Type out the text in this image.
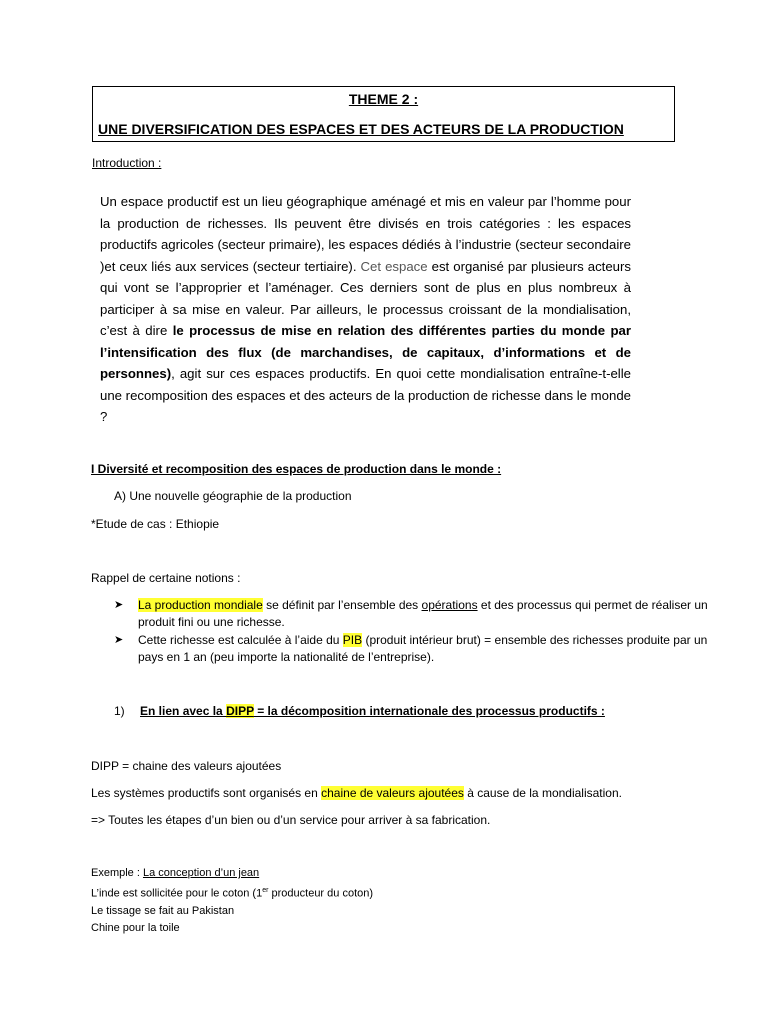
THEME 2 :
UNE DIVERSIFICATION DES ESPACES ET DES ACTEURS DE LA PRODUCTION
Introduction :
Un espace productif est un lieu géographique aménagé et mis en valeur par l’homme pour la production de richesses. Ils peuvent être divisés en trois catégories : les espaces productifs agricoles (secteur primaire), les espaces dédiés à l’industrie (secteur secondaire )et ceux liés aux services (secteur tertiaire). Cet espace est organisé par plusieurs acteurs qui vont se l’approprier et l’aménager. Ces derniers sont de plus en plus nombreux à participer à sa mise en valeur. Par ailleurs, le processus croissant de la mondialisation, c’est à dire le processus de mise en relation des différentes parties du monde par l’intensification des flux (de marchandises, de capitaux, d’informations et de personnes), agit sur ces espaces productifs. En quoi cette mondialisation entraîne-t-elle une recomposition des espaces et des acteurs de la production de richesse dans le monde ?
I Diversité et recomposition des espaces de production dans le monde :
A) Une nouvelle géographie de la production
*Etude de cas : Ethiopie
Rappel de certaine notions :
➤ La production mondiale se définit par l’ensemble des opérations et des processus qui permet de réaliser un produit fini ou une richesse.
➤ Cette richesse est calculée à l’aide du PIB (produit intérieur brut) = ensemble des richesses produite par un pays en 1 an (peu importe la nationalité de l’entreprise).
1) En lien avec la DIPP = la décomposition internationale des processus productifs :
DIPP = chaine des valeurs ajoutées
Les systèmes productifs sont organisés en chaine de valeurs ajoutées à cause de la mondialisation.
=> Toutes les étapes d’un bien ou d’un service pour arriver à sa fabrication.
Exemple : La conception d’un jean
L’inde est sollicitée pour le coton (1er producteur du coton)
Le tissage se fait au Pakistan
Chine pour la toile
